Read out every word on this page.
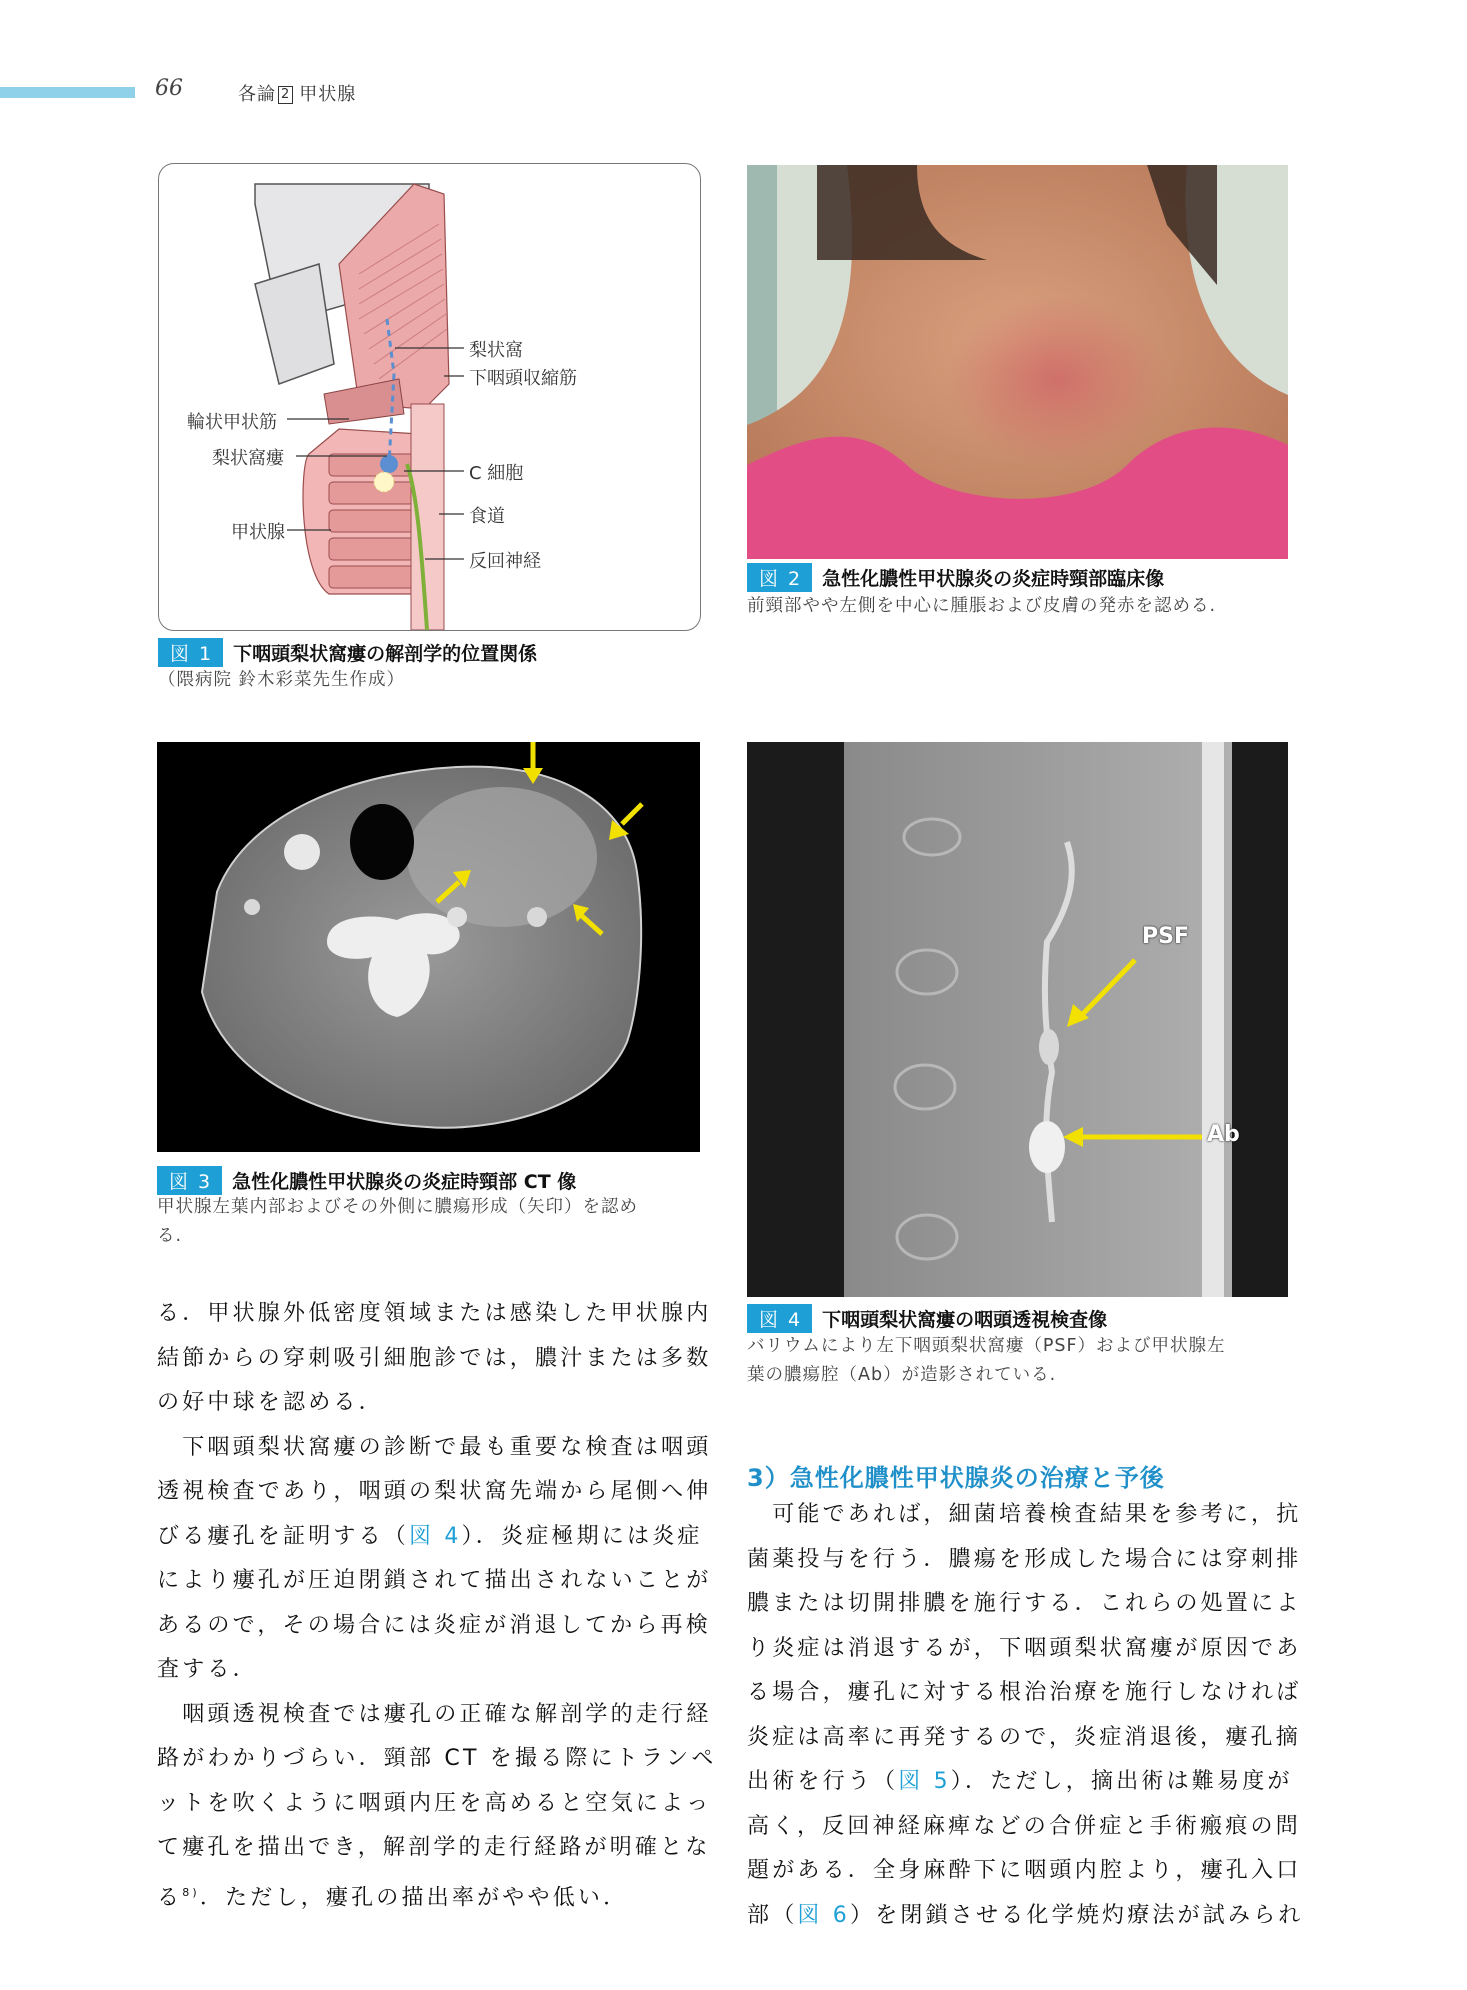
66	各論 2 甲状腺
梨状窩
下咽頭収縮筋
輪状甲状筋
梨状窩瘻
C 細胞
甲状腺
食道
反回神経
図 1 下咽頭梨状窩瘻の解剖学的位置関係
（隈病院 鈴木彩菜先生作成）
図 2 急性化膿性甲状腺炎の炎症時頸部臨床像
前頸部やや左側を中心に腫脹および皮膚の発赤を認める.
図 3 急性化膿性甲状腺炎の炎症時頸部 CT 像
甲状腺左葉内部およびその外側に膿瘍形成（矢印）を認め
る.
PSF
Ab
図 4 下咽頭梨状窩瘻の咽頭透視検査像
バリウムにより左下咽頭梨状窩瘻（PSF）および甲状腺左
葉の膿瘍腔（Ab）が造影されている.
る．甲状腺外低密度領域または感染した甲状腺内
結節からの穿刺吸引細胞診では，膿汁または多数
の好中球を認める．
　下咽頭梨状窩瘻の診断で最も重要な検査は咽頭
透視検査であり，咽頭の梨状窩先端から尾側へ伸
びる瘻孔を証明する（図 4）．炎症極期には炎症
により瘻孔が圧迫閉鎖されて描出されないことが
あるので，その場合には炎症が消退してから再検
査する．
　咽頭透視検査では瘻孔の正確な解剖学的走行経
路がわかりづらい．頸部 CT を撮る際にトランペ
ットを吹くように咽頭内圧を高めると空気によっ
て瘻孔を描出でき，解剖学的走行経路が明確とな
る$^{8)}$．ただし，瘻孔の描出率がやや低い．
3）急性化膿性甲状腺炎の治療と予後
　可能であれば，細菌培養検査結果を参考に，抗
菌薬投与を行う．膿瘍を形成した場合には穿刺排
膿または切開排膿を施行する．これらの処置によ
り炎症は消退するが，下咽頭梨状窩瘻が原因であ
る場合，瘻孔に対する根治治療を施行しなければ
炎症は高率に再発するので，炎症消退後，瘻孔摘
出術を行う（図 5）．ただし，摘出術は難易度が
高く，反回神経麻痺などの合併症と手術瘢痕の問
題がある．全身麻酔下に咽頭内腔より，瘻孔入口
部（図 6）を閉鎖させる化学焼灼療法が試みられ
